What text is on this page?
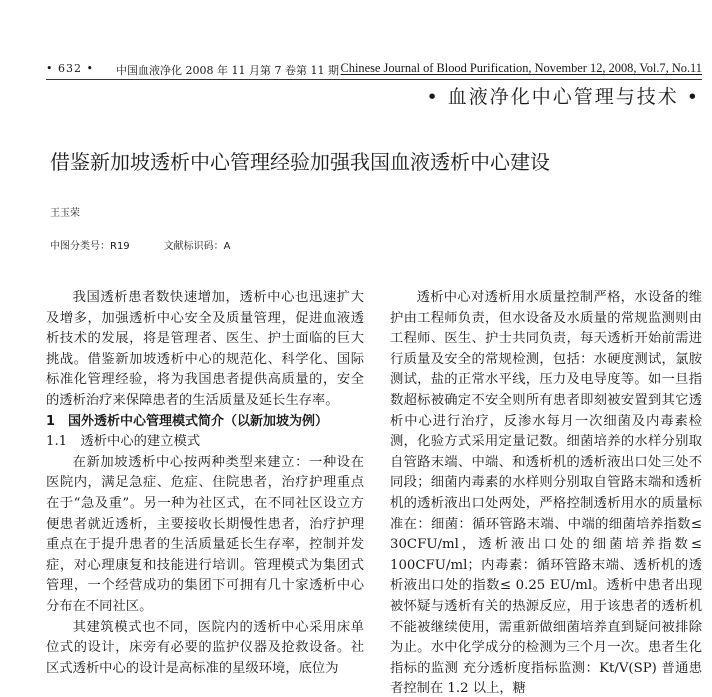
• 632 • 中国血液净化 2008 年 11 月第 7 卷第 11 期 Chinese Journal of Blood Purification, November 12, 2008, Vol.7, No.11
• 血液净化中心管理与技术 •
借鉴新加坡透析中心管理经验加强我国血液透析中心建设
王玉荣
中图分类号：R19	文献标识码：A

我国透析患者数快速增加，透析中心也迅速扩大及增多，加强透析中心安全及质量管理，促进血液透析技术的发展，将是管理者、医生、护士面临的巨大挑战。借鉴新加坡透析中心的规范化、科学化、国际标准化管理经验，将为我国患者提供高质量的，安全的透析治疗来保障患者的生活质量及延长生存率。

1　国外透析中心管理模式简介（以新加坡为例）
1.1　透析中心的建立模式

在新加坡透析中心按两种类型来建立：一种设在医院内，满足急症、危症、住院患者，治疗护理重点在于“急及重”。另一种为社区式，在不同社区设立方便患者就近透析，主要接收长期慢性患者，治疗护理重点在于提升患者的生活质量延长生存率，控制并发症，对心理康复和技能进行培训。管理模式为集团式管理，一个经营成功的集团下可拥有几十家透析中心分布在不同社区。

其建筑模式也不同，医院内的透析中心采用床单位式的设计，床旁有必要的监护仪器及抢救设备。社区式透析中心的设计是高标准的星级环境，底位为

透析中心对透析用水质量控制严格，水设备的维护由工程师负责，但水设备及水质量的常规监测则由工程师、医生、护士共同负责，每天透析开始前需进行质量及安全的常规检测，包括：水硬度测试，氯胺测试，盐的正常水平线，压力及电导度等。如一旦指数超标被确定不安全则所有患者即刻被安置到其它透析中心进行治疗，反渗水每月一次细菌及内毒素检测，化验方式采用定量记数。细菌培养的水样分别取自管路末端、中端、和透析机的透析液出口处三处不同段；细菌内毒素的水样则分别取自管路末端和透析机的透析液出口处两处，严格控制透析用水的质量标准在：细菌：循环管路末端、中端的细菌培养指数≤ 30CFU/ml，透析液出口处的细菌培养指数≤ 100CFU/ml；内毒素：循环管路末端、透析机的透析液出口处的指数≤ 0.25 EU/ml。透析中患者出现被怀疑与透析有关的热源反应，用于该患者的透析机不能被继续使用，需重新做细菌培养直到疑问被排除为止。水中化学成分的检测为三个月一次。患者生化指标的监测 充分透析度指标监测：Kt/V(SP) 普通患者控制在 1.2 以上，糖
